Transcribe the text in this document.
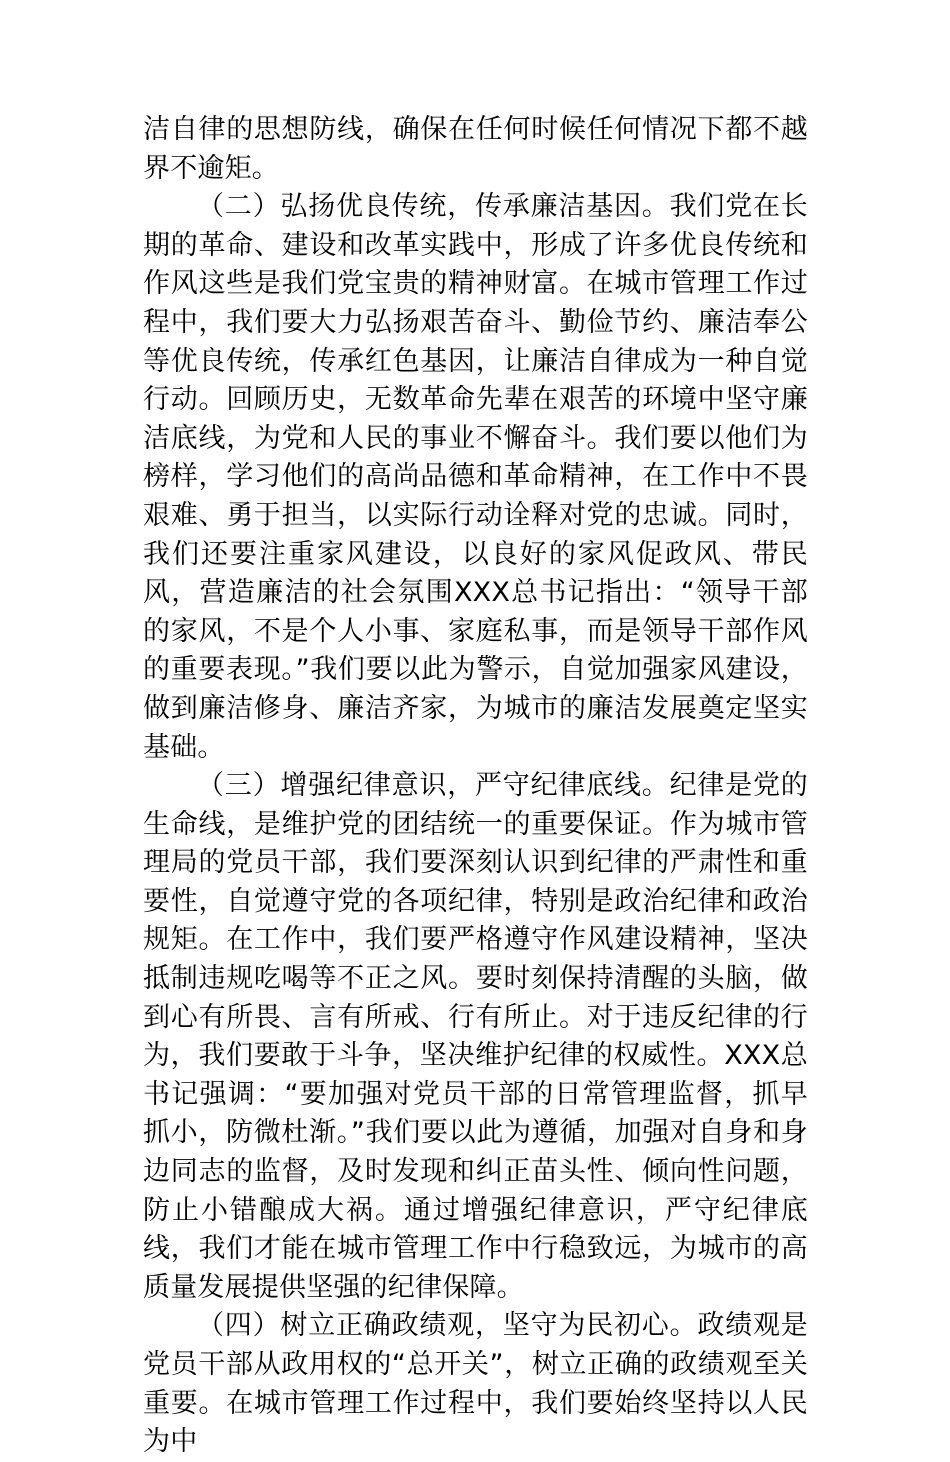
洁自律的思想防线，确保在任何时候任何情况下都不越界不逾矩。

（二）弘扬优良传统，传承廉洁基因。我们党在长期的革命、建设和改革实践中，形成了许多优良传统和作风这些是我们党宝贵的精神财富。在城市管理工作过程中，我们要大力弘扬艰苦奋斗、勤俭节约、廉洁奉公等优良传统，传承红色基因，让廉洁自律成为一种自觉行动。回顾历史，无数革命先辈在艰苦的环境中坚守廉洁底线，为党和人民的事业不懈奋斗。我们要以他们为榜样，学习他们的高尚品德和革命精神，在工作中不畏艰难、勇于担当，以实际行动诠释对党的忠诚。同时，我们还要注重家风建设，以良好的家风促政风、带民风，营造廉洁的社会氛围XXX总书记指出：“领导干部的家风，不是个人小事、家庭私事，而是领导干部作风的重要表现。”我们要以此为警示，自觉加强家风建设，做到廉洁修身、廉洁齐家，为城市的廉洁发展奠定坚实基础。

（三）增强纪律意识，严守纪律底线。纪律是党的生命线，是维护党的团结统一的重要保证。作为城市管理局的党员干部，我们要深刻认识到纪律的严肃性和重要性，自觉遵守党的各项纪律，特别是政治纪律和政治规矩。在工作中，我们要严格遵守作风建设精神，坚决抵制违规吃喝等不正之风。要时刻保持清醒的头脑，做到心有所畏、言有所戒、行有所止。对于违反纪律的行为，我们要敢于斗争，坚决维护纪律的权威性。XXX总书记强调：“要加强对党员干部的日常管理监督，抓早抓小，防微杜渐。”我们要以此为遵循，加强对自身和身边同志的监督，及时发现和纠正苗头性、倾向性问题，防止小错酿成大祸。通过增强纪律意识，严守纪律底线，我们才能在城市管理工作中行稳致远，为城市的高质量发展提供坚强的纪律保障。

（四）树立正确政绩观，坚守为民初心。政绩观是党员干部从政用权的“总开关”，树立正确的政绩观至关重要。在城市管理工作过程中，我们要始终坚持以人民为中
